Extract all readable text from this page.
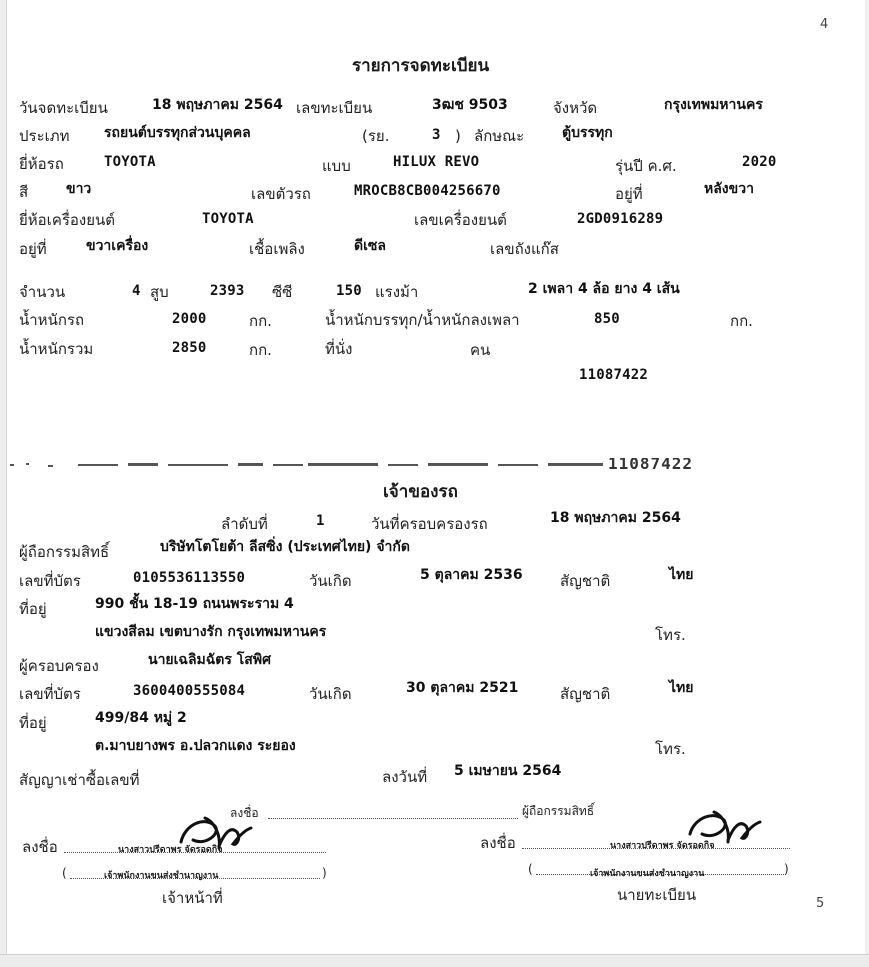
4
รายการจดทะเบียน
วันจดทะเบียน	18 พฤษภาคม 2564 เลขทะเบียน	3ฒช 9503	จังหวัด	กรุงเทพมหานคร
ประเภท รถยนต์บรรทุกส่วนบุคคล	(รย.	3 ) ลักษณะ	ตู้บรรทุก
ยี่ห้อรถ	TOYOTA	แบบ	HILUX REVO	รุ่นปี ค.ศ.	2020
สี	ขาว	เลขตัวรถ	MROCB8CB004256670	อยู่ที่	หลังขวา
ยี่ห้อเครื่องยนต์	TOYOTA	เลขเครื่องยนต์	2GD0916289
อยู่ที่	ขวาเครื่อง	เชื้อเพลิง	ดีเซล	เลขถังแก๊ส
จำนวน	4 สูบ	2393 ซีซี	150 แรงม้า	2 เพลา 4 ล้อ ยาง 4 เส้น
น้ำหนักรถ	2000	กก.	น้ำหนักบรรทุก/น้ำหนักลงเพลา	850	กก.
น้ำหนักรวม	2850	กก.	ที่นั่ง	คน
11087422
11087422
เจ้าของรถ
ลำดับที่	1	วันที่ครอบครองรถ	18 พฤษภาคม 2564
ผู้ถือกรรมสิทธิ์	บริษัทโตโยต้า ลีสซิ่ง (ประเทศไทย) จำกัด
เลขที่บัตร	0105536113550	วันเกิด	5 ตุลาคม 2536 สัญชาติ	ไทย
ที่อยู่	990 ชั้น 18-19 ถนนพระราม 4
แขวงสีลม เขตบางรัก กรุงเทพมหานคร	โทร.
ผู้ครอบครอง	นายเฉลิมฉัตร โสพิศ
เลขที่บัตร	3600400555084	วันเกิด	30 ตุลาคม 2521	สัญชาติ	ไทย
ที่อยู่	499/84 หมู่ 2
ต.มาบยางพร อ.ปลวกแดง ระยอง	โทร.
สัญญาเช่าซื้อเลขที่	ลงวันที่ 5 เมษายน 2564
ลงชื่อ	ผู้ถือกรรมสิทธิ์
ลงชื่อ	นางสาวปรีดาพร จัดรอดกิจ
(	เจ้าพนักงานขนส่งชำนาญงาน	)
เจ้าหน้าที่
ลงชื่อ	นางสาวปรีดาพร จัดรอดกิจ
(	เจ้าพนักงานขนส่งชำนาญงาน	)
นายทะเบียน	5
